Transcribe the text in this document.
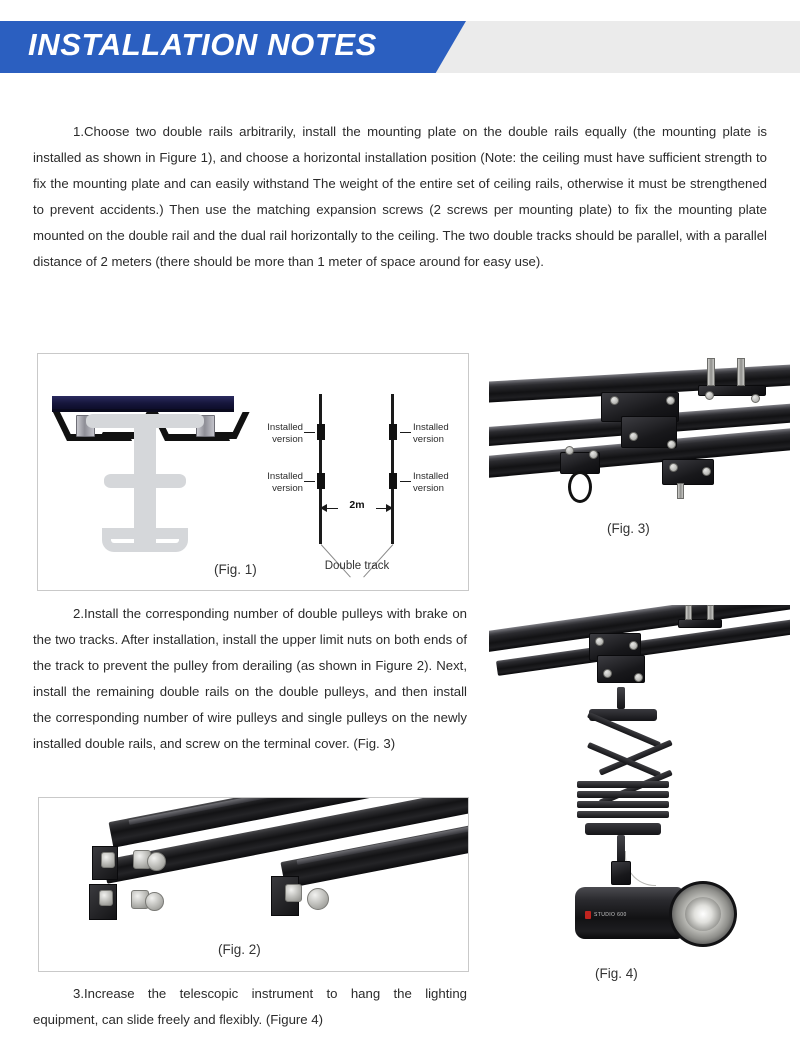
INSTALLATION NOTES
1.Choose two double rails arbitrarily, install the mounting plate on the double rails equally (the mounting plate is installed as shown in Figure 1), and choose a horizontal installation position (Note: the ceiling must have sufficient strength to fix the mounting plate and can easily withstand The weight of the entire set of ceiling rails, otherwise it must be strengthened to prevent accidents.) Then use the matching expansion screws (2 screws per mounting plate) to fix the mounting plate mounted on the double rail and the dual rail horizontally to the ceiling. The two double tracks should be parallel, with a parallel distance of 2 meters (there should be more than 1 meter of space around for easy use).
Installed
version
Installed
version
Installed
version
Installed
version
2m
Double track
(Fig. 1)
(Fig. 3)
2.Install the corresponding number of double pulleys with brake on the two tracks. After installation, install the upper limit nuts on both ends of the track to prevent the pulley from derailing (as shown in Figure 2). Next, install the remaining double rails on the double pulleys, and then install the corresponding number of wire pulleys and single pulleys on the newly installed double rails, and screw on the terminal cover. (Fig. 3)
(Fig. 2)
STUDIO 600
(Fig. 4)
3.Increase the telescopic instrument to hang the lighting equipment, can slide freely and flexibly. (Figure 4)
